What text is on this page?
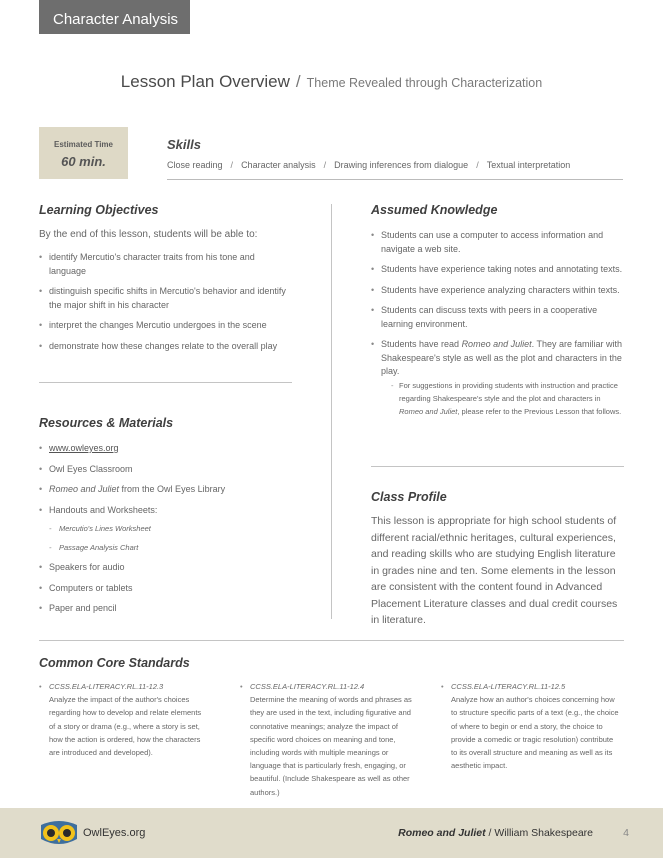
Character Analysis
Lesson Plan Overview / Theme Revealed through Characterization
Estimated Time
60 min.
Skills
Close reading / Character analysis / Drawing inferences from dialogue / Textual interpretation
Learning Objectives
By the end of this lesson, students will be able to:
• identify Mercutio's character traits from his tone and language
• distinguish specific shifts in Mercutio's behavior and identify the major shift in his character
• interpret the changes Mercutio undergoes in the scene
• demonstrate how these changes relate to the overall play
Resources & Materials
• www.owleyes.org
• Owl Eyes Classroom
• Romeo and Juliet from the Owl Eyes Library
• Handouts and Worksheets:
- Mercutio's Lines Worksheet
- Passage Analysis Chart
• Speakers for audio
• Computers or tablets
• Paper and pencil
Assumed Knowledge
• Students can use a computer to access information and navigate a web site.
• Students have experience taking notes and annotating texts.
• Students have experience analyzing characters within texts.
• Students can discuss texts with peers in a cooperative learning environment.
• Students have read Romeo and Juliet. They are familiar with Shakespeare's style as well as the plot and characters in the play.
- For suggestions in providing students with instruction and practice regarding Shakespeare's style and the plot and characters in Romeo and Juliet, please refer to the Previous Lesson that follows.
Class Profile
This lesson is appropriate for high school students of different racial/ethnic heritages, cultural experiences, and reading skills who are studying English literature in grades nine and ten. Some elements in the lesson are consistent with the content found in Advanced Placement Literature classes and dual credit courses in literature.
Common Core Standards
• CCSS.ELA-LITERACY.RL.11-12.3
Analyze the impact of the author's choices regarding how to develop and relate elements of a story or drama (e.g., where a story is set, how the action is ordered, how the characters are introduced and developed).
• CCSS.ELA-LITERACY.RL.11-12.4
Determine the meaning of words and phrases as they are used in the text, including figurative and connotative meanings; analyze the impact of specific word choices on meaning and tone, including words with multiple meanings or language that is particularly fresh, engaging, or beautiful. (Include Shakespeare as well as other authors.)
• CCSS.ELA-LITERACY.RL.11-12.5
Analyze how an author's choices concerning how to structure specific parts of a text (e.g., the choice of where to begin or end a story, the choice to provide a comedic or tragic resolution) contribute to its overall structure and meaning as well as its aesthetic impact.
OwlEyes.org	Romeo and Juliet / William Shakespeare	4
